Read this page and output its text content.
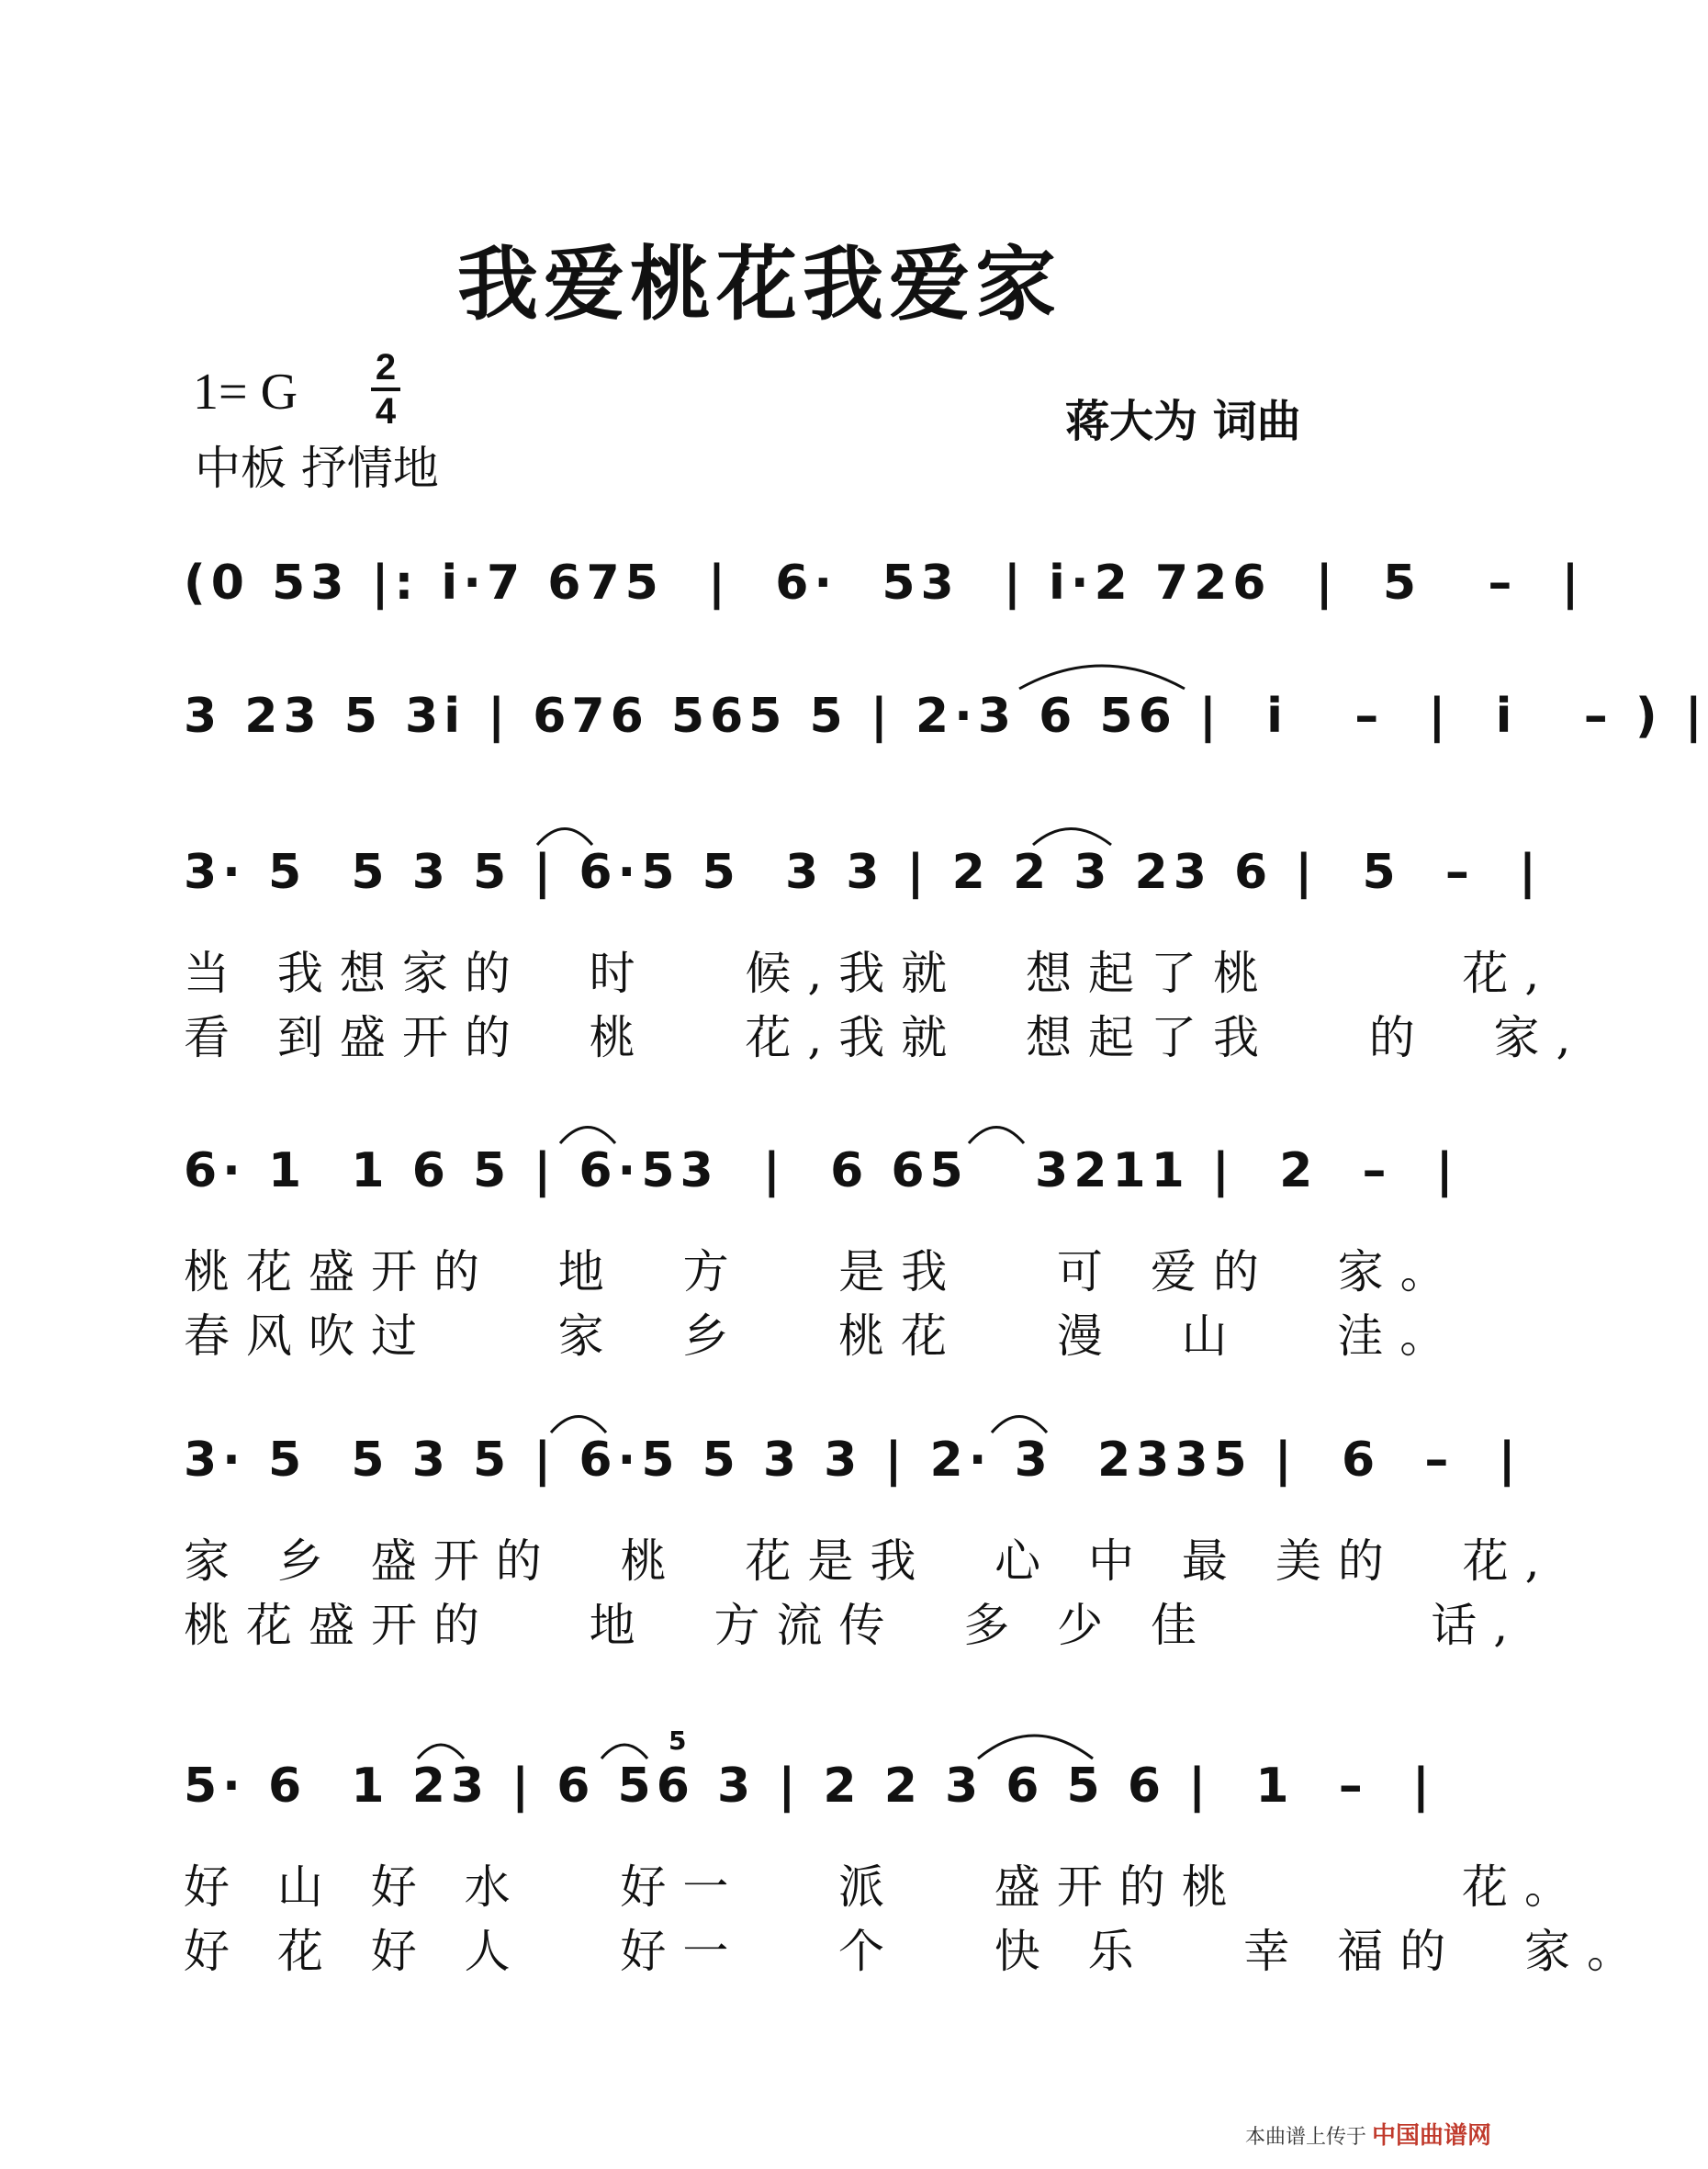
我爱桃花我爱家
1= G 2
4
中板 抒情地
蒋大为 词曲
(0 53 |: i·7 675  |  6·  53  | i·2 726  |  5   –  |
3 23 5 3i | 676 565 5 | 2·3 6 56 |  i   –  |  i   – ) |
3· 5  5 3 5 | 6·5 5  3 3 | 2 2 3 23 6 |  5  –  |
当 我想家的  时   候,我就  想起了桃      花,
看 到盛开的  桃   花,我就  想起了我   的  家,
6· 1  1 6 5 | 6·53  |  6 65   3211 |  2  –  |
桃花盛开的  地  方   是我   可 爱的  家。
春风吹过    家  乡   桃花   漫  山   洼。
3· 5  5 3 5 | 6·5 5 3 3 | 2· 3  2335 |  6  –  |
家 乡 盛开的  桃  花是我  心 中 最 美的  花,
桃花盛开的   地  方流传  多 少 佳       话,
5· 6  1 23 | 6 56 3 | 2 2 3 6 5 6 |  1  –  |
好 山 好 水   好一   派   盛开的桃       花。
好 花 好 人   好一   个   快 乐   幸 福的  家。
5
本曲谱上传于 中国曲谱网
